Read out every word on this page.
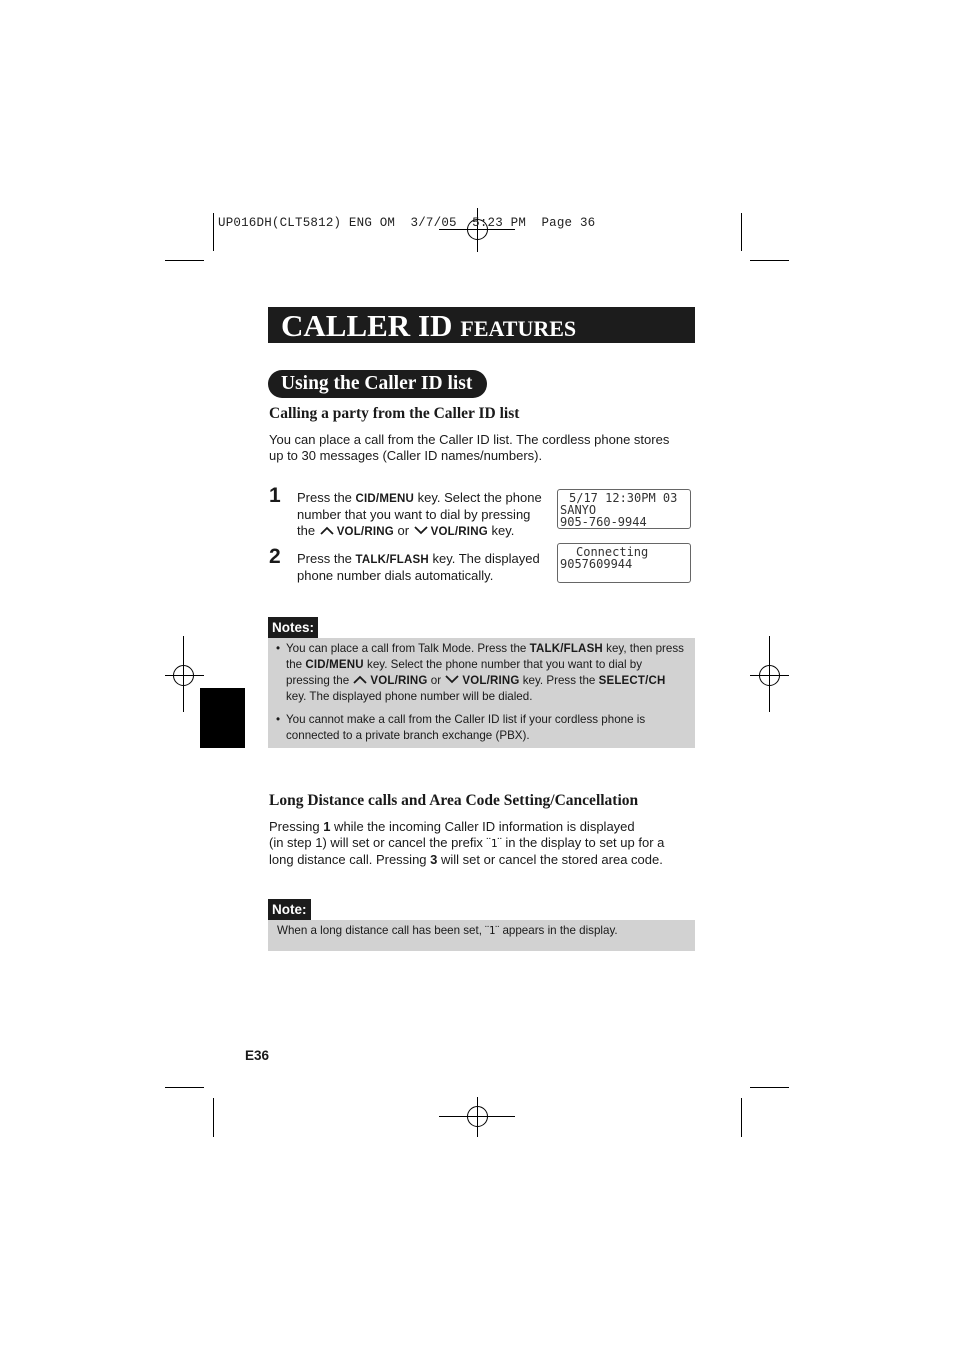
UP016DH(CLT5812) ENG OM  3/7/05  5:23 PM  Page 36
CALLER ID FEATURES
Using the Caller ID list
Calling a party from the Caller ID list
You can place a call from the Caller ID list. The cordless phone stores
up to 30 messages (Caller ID names/numbers).
1 Press the CID/MENU key. Select the phone
number that you want to dial by pressing
the VOL/RING or VOL/RING key.
5/17 12:30PM 03
SANYO
905-760-9944
2 Press the TALK/FLASH key. The displayed
phone number dials automatically.
Connecting
9057609944
Notes:
• You can place a call from Talk Mode. Press the TALK/FLASH key, then press
the CID/MENU key. Select the phone number that you want to dial by
pressing the VOL/RING or VOL/RING key. Press the SELECT/CH
key. The displayed phone number will be dialed.
• You cannot make a call from the Caller ID list if your cordless phone is
connected to a private branch exchange (PBX).
Long Distance calls and Area Code Setting/Cancellation
Pressing 1 while the incoming Caller ID information is displayed
(in step 1) will set or cancel the prefix ¨1¨ in the display to set up for a
long distance call. Pressing 3 will set or cancel the stored area code.
Note:
When a long distance call has been set, ¨1¨ appears in the display.
E36
